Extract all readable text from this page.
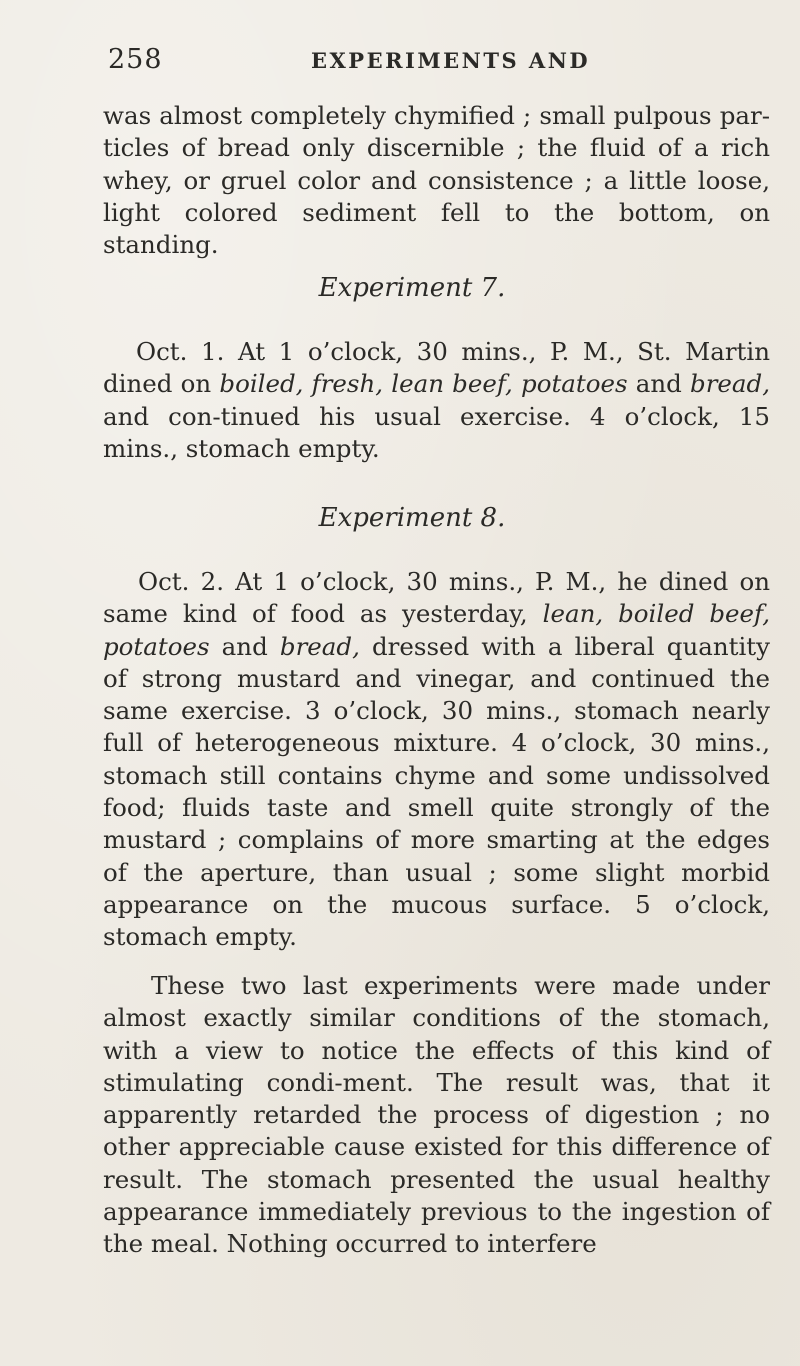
258	EXPERIMENTS AND

was almost completely chymified ; small pulpous par-ticles of bread only discernible ; the fluid of a rich whey, or gruel color and consistence ; a little loose, light colored sediment fell to the bottom, on standing.

Experiment 7.

Oct. 1. At 1 o’clock, 30 mins., P. M., St. Martin dined on boiled, fresh, lean beef, potatoes and bread, and con-tinued his usual exercise. 4 o’clock, 15 mins., stomach empty.

Experiment 8.

Oct. 2. At 1 o’clock, 30 mins., P. M., he dined on same kind of food as yesterday, lean, boiled beef, potatoes and bread, dressed with a liberal quantity of strong mustard and vinegar, and continued the same exercise. 3 o’clock, 30 mins., stomach nearly full of heterogeneous mixture. 4 o’clock, 30 mins., stomach still contains chyme and some undissolved food; fluids taste and smell quite strongly of the mustard ; complains of more smarting at the edges of the aperture, than usual ; some slight morbid appearance on the mucous surface. 5 o’clock, stomach empty.

These two last experiments were made under almost exactly similar conditions of the stomach, with a view to notice the effects of this kind of stimulating condi-ment. The result was, that it apparently retarded the process of digestion ; no other appreciable cause existed for this difference of result. The stomach presented the usual healthy appearance immediately previous to the ingestion of the meal. Nothing occurred to interfere
